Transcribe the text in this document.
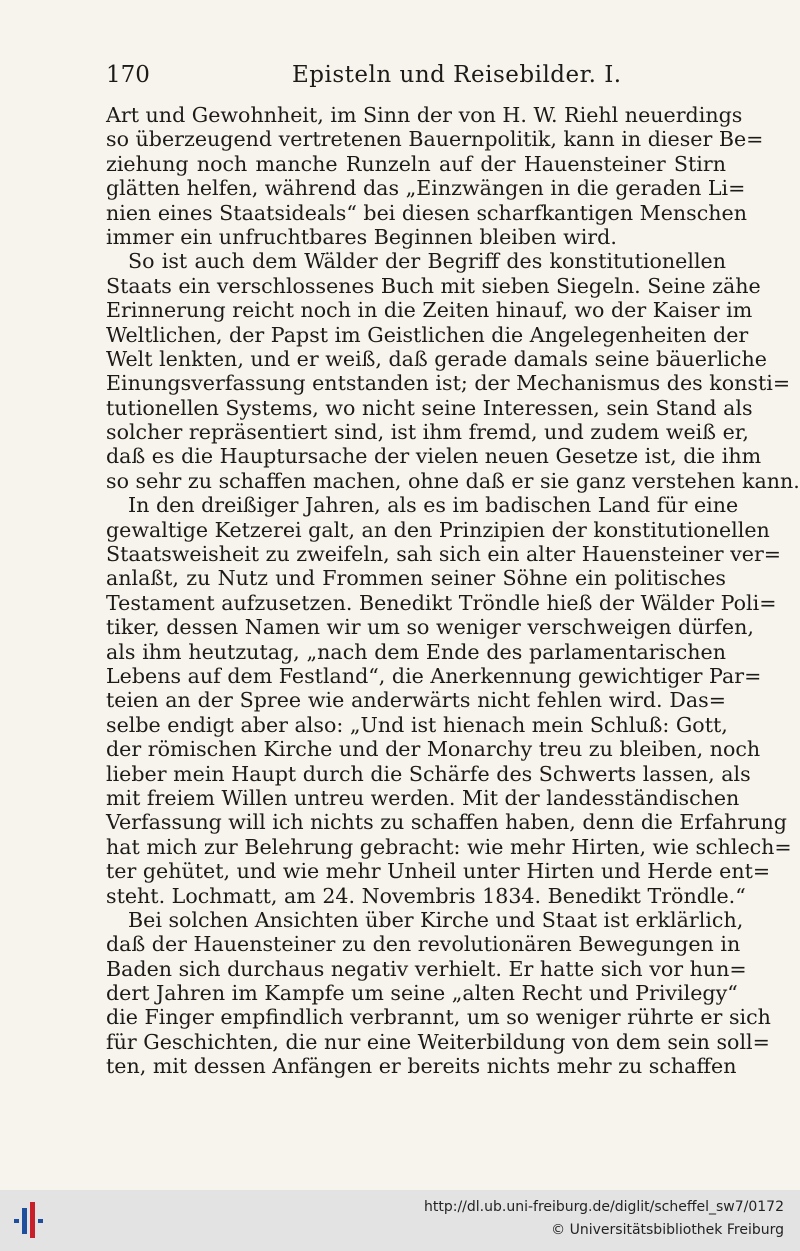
170	Episteln und Reisebilder. I.
Art und Gewohnheit, im Sinn der von H. W. Riehl neuerdings
so überzeugend vertretenen Bauernpolitik, kann in dieser Be=
ziehung noch manche Runzeln auf der Hauensteiner Stirn
glätten helfen, während das „Einzwängen in die geraden Li=
nien eines Staatsideals“ bei diesen scharfkantigen Menschen
immer ein unfruchtbares Beginnen bleiben wird.
So ist auch dem Wälder der Begriff des konstitutionellen
Staats ein verschlossenes Buch mit sieben Siegeln. Seine zähe
Erinnerung reicht noch in die Zeiten hinauf, wo der Kaiser im
Weltlichen, der Papst im Geistlichen die Angelegenheiten der
Welt lenkten, und er weiß, daß gerade damals seine bäuerliche
Einungsverfassung entstanden ist; der Mechanismus des konsti=
tutionellen Systems, wo nicht seine Interessen, sein Stand als
solcher repräsentiert sind, ist ihm fremd, und zudem weiß er,
daß es die Hauptursache der vielen neuen Gesetze ist, die ihm
so sehr zu schaffen machen, ohne daß er sie ganz verstehen kann.
In den dreißiger Jahren, als es im badischen Land für eine
gewaltige Ketzerei galt, an den Prinzipien der konstitutionellen
Staatsweisheit zu zweifeln, sah sich ein alter Hauensteiner ver=
anlaßt, zu Nutz und Frommen seiner Söhne ein politisches
Testament aufzusetzen. Benedikt Tröndle hieß der Wälder Poli=
tiker, dessen Namen wir um so weniger verschweigen dürfen,
als ihm heutzutag, „nach dem Ende des parlamentarischen
Lebens auf dem Festland“, die Anerkennung gewichtiger Par=
teien an der Spree wie anderwärts nicht fehlen wird. Das=
selbe endigt aber also: „Und ist hienach mein Schluß: Gott,
der römischen Kirche und der Monarchy treu zu bleiben, noch
lieber mein Haupt durch die Schärfe des Schwerts lassen, als
mit freiem Willen untreu werden. Mit der landesständischen
Verfassung will ich nichts zu schaffen haben, denn die Erfahrung
hat mich zur Belehrung gebracht: wie mehr Hirten, wie schlech=
ter gehütet, und wie mehr Unheil unter Hirten und Herde ent=
steht. Lochmatt, am 24. Novembris 1834. Benedikt Tröndle.“
Bei solchen Ansichten über Kirche und Staat ist erklärlich,
daß der Hauensteiner zu den revolutionären Bewegungen in
Baden sich durchaus negativ verhielt. Er hatte sich vor hun=
dert Jahren im Kampfe um seine „alten Recht und Privilegy“
die Finger empfindlich verbrannt, um so weniger rührte er sich
für Geschichten, die nur eine Weiterbildung von dem sein soll=
ten, mit dessen Anfängen er bereits nichts mehr zu schaffen
http://dl.ub.uni-freiburg.de/diglit/scheffel_sw7/0172
© Universitätsbibliothek Freiburg
